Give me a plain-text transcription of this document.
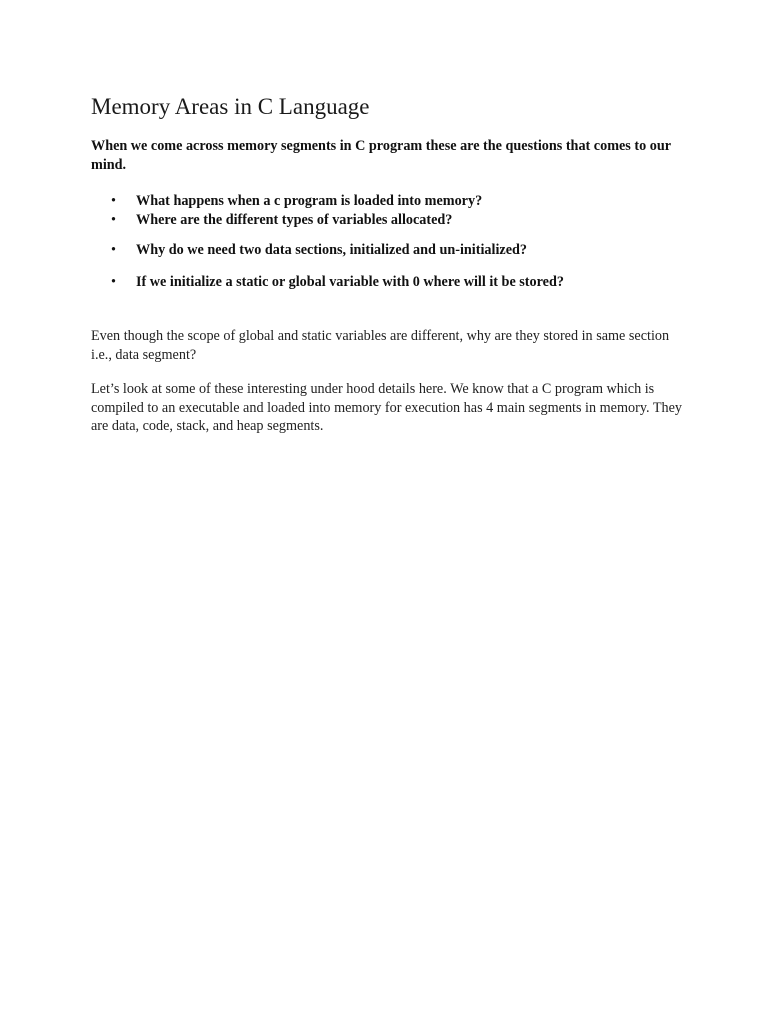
Memory Areas in C Language

When we come across memory segments in C program these are the questions that comes to our mind.

• What happens when a c program is loaded into memory?
• Where are the different types of variables allocated?
• Why do we need two data sections, initialized and un-initialized?
• If we initialize a static or global variable with 0 where will it be stored?

Even though the scope of global and static variables are different, why are they stored in same section i.e., data segment?

Let’s look at some of these interesting under hood details here. We know that a C program which is compiled to an executable and loaded into memory for execution has 4 main segments in memory. They are data, code, stack, and heap segments.
